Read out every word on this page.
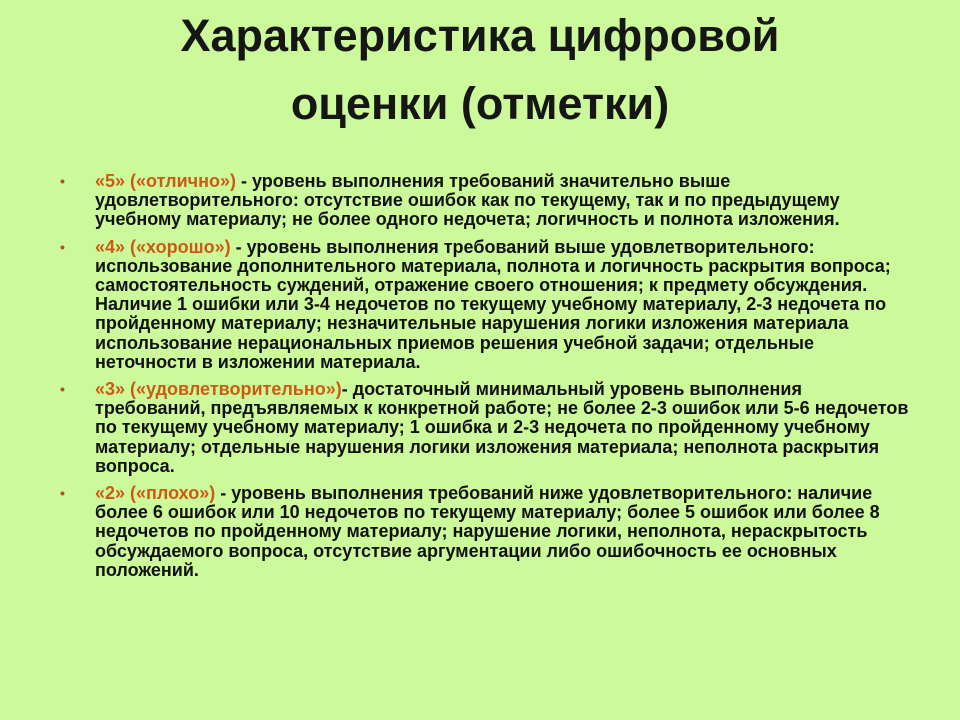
Характеристика цифровой
оценки (отметки)
• «5» («отлично») - уровень выполнения требований значительно выше удовлетворительного: отсутствие ошибок как по текущему, так и по предыдущему учебному материалу; не более одного недочета; логичность и полнота изложения.
• «4» («хорошо») - уровень выполнения требований выше удовлетворительного: использование дополнительного материала, полнота и логичность раскрытия вопроса; самостоятельность суждений, отражение своего отношения; к предмету обсуждения. Наличие 1 ошибки или 3-4 недочетов по текущему учебному материалу, 2-3 недочета по пройденному материалу; незначительные нарушения логики изложения материала использование нерациональных приемов решения учебной задачи; отдельные неточности в изложении материала.
• «3» («удовлетворительно»)- достаточный минимальный уровень выполнения требований, предъявляемых к конкретной работе; не более 2-3 ошибок или 5-6 недочетов по текущему учебному материалу; 1 ошибка и 2-3 недочета по пройденному учебному материалу; отдельные нарушения логики изложения материала; неполнота раскрытия вопроса.
• «2» («плохо») - уровень выполнения требований ниже удовлетворительного: наличие более 6 ошибок или 10 недочетов по текущему материалу; более 5 ошибок или более 8 недочетов по пройденному материалу; нарушение логики, неполнота, нераскрытость обсуждаемого вопроса, отсутствие аргументации либо ошибочность ее основных положений.
